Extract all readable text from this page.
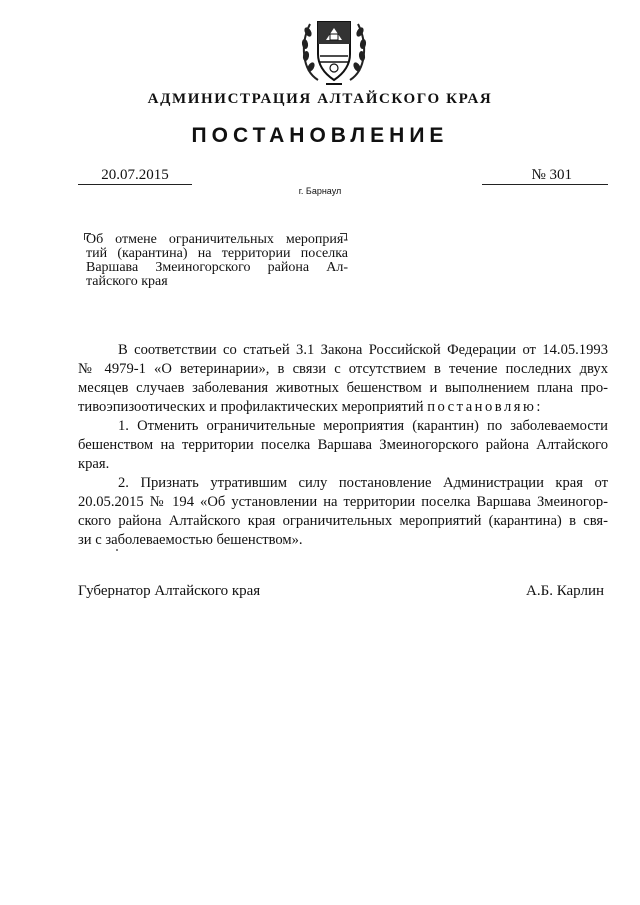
АДМИНИСТРАЦИЯ АЛТАЙСКОГО КРАЯ
ПОСТАНОВЛЕНИЕ
20.07.2015	№ 301
г. Барнаул
Об отмене ограничительных мероприя-
тий (карантина) на территории поселка
Варшава Змеиногорского района Ал-
тайского края
В соответствии со статьей 3.1 Закона Российской Федерации от 14.05.1993
№ 4979-1 «О ветеринарии», в связи с отсутствием в течение последних двух
месяцев случаев заболевания животных бешенством и выполнением плана про-
тивоэпизоотических и профилактических мероприятий постановляю:
1. Отменить ограничительные мероприятия (карантин) по заболеваемости
бешенством на территории поселка Варшава Змеиногорского района Алтайского
края.
2. Признать утратившим силу постановление Администрации края от
20.05.2015 № 194 «Об установлении на территории поселка Варшава Змеиногор-
ского района Алтайского края ограничительных мероприятий (карантина) в свя-
зи с заболеваемостью бешенством».
Губернатор Алтайского края	А.Б. Карлин
